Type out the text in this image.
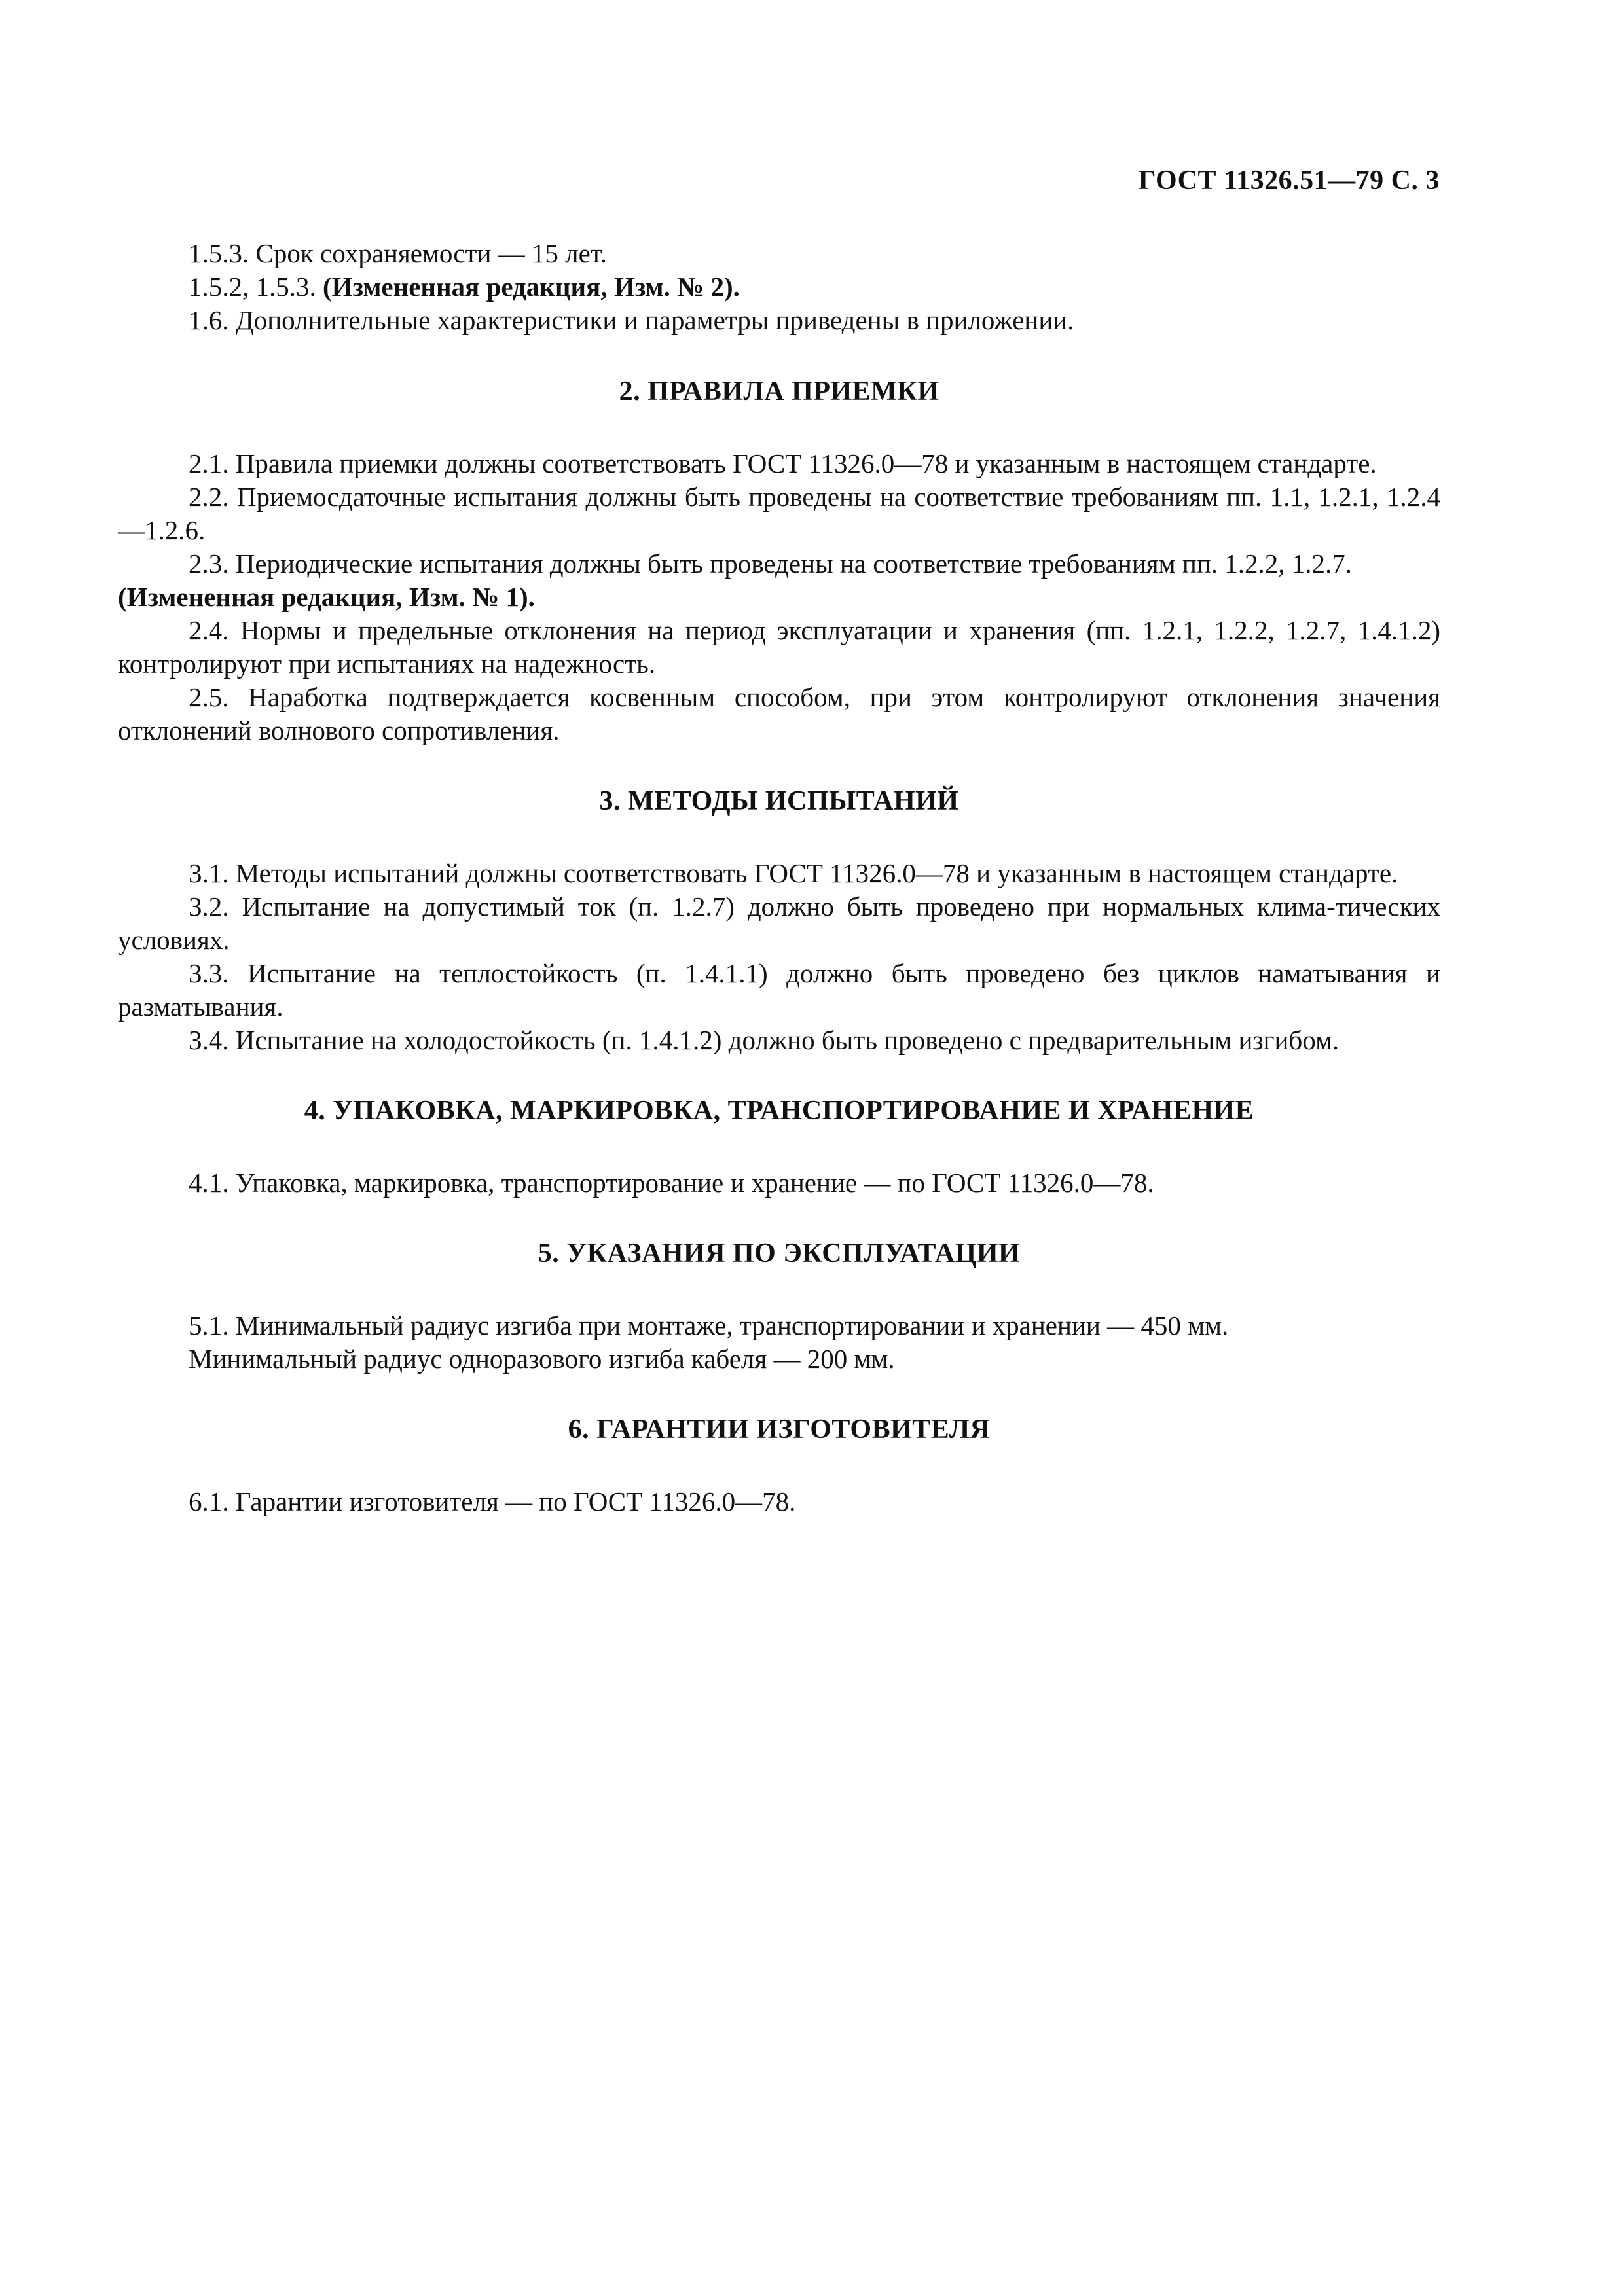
ГОСТ 11326.51—79 С. 3

1.5.3. Срок сохраняемости — 15 лет.

1.5.2, 1.5.3. (Измененная редакция, Изм. № 2).

1.6. Дополнительные характеристики и параметры приведены в приложении.

2. ПРАВИЛА ПРИЕМКИ

2.1. Правила приемки должны соответствовать ГОСТ 11326.0—78 и указанным в настоящем стандарте.

2.2. Приемосдаточные испытания должны быть проведены на соответствие требованиям пп. 1.1, 1.2.1, 1.2.4—1.2.6.

2.3. Периодические испытания должны быть проведены на соответствие требованиям пп. 1.2.2, 1.2.7.

(Измененная редакция, Изм. № 1).

2.4. Нормы и предельные отклонения на период эксплуатации и хранения (пп. 1.2.1, 1.2.2, 1.2.7, 1.4.1.2) контролируют при испытаниях на надежность.

2.5. Наработка подтверждается косвенным способом, при этом контролируют отклонения значения отклонений волнового сопротивления.

3. МЕТОДЫ ИСПЫТАНИЙ

3.1. Методы испытаний должны соответствовать ГОСТ 11326.0—78 и указанным в настоящем стандарте.

3.2. Испытание на допустимый ток (п. 1.2.7) должно быть проведено при нормальных клима-тических условиях.

3.3. Испытание на теплостойкость (п. 1.4.1.1) должно быть проведено без циклов наматывания и разматывания.

3.4. Испытание на холодостойкость (п. 1.4.1.2) должно быть проведено с предварительным изгибом.

4. УПАКОВКА, МАРКИРОВКА, ТРАНСПОРТИРОВАНИЕ И ХРАНЕНИЕ

4.1. Упаковка, маркировка, транспортирование и хранение — по ГОСТ 11326.0—78.

5. УКАЗАНИЯ ПО ЭКСПЛУАТАЦИИ

5.1. Минимальный радиус изгиба при монтаже, транспортировании и хранении — 450 мм.

Минимальный радиус одноразового изгиба кабеля — 200 мм.

6. ГАРАНТИИ ИЗГОТОВИТЕЛЯ

6.1. Гарантии изготовителя — по ГОСТ 11326.0—78.
